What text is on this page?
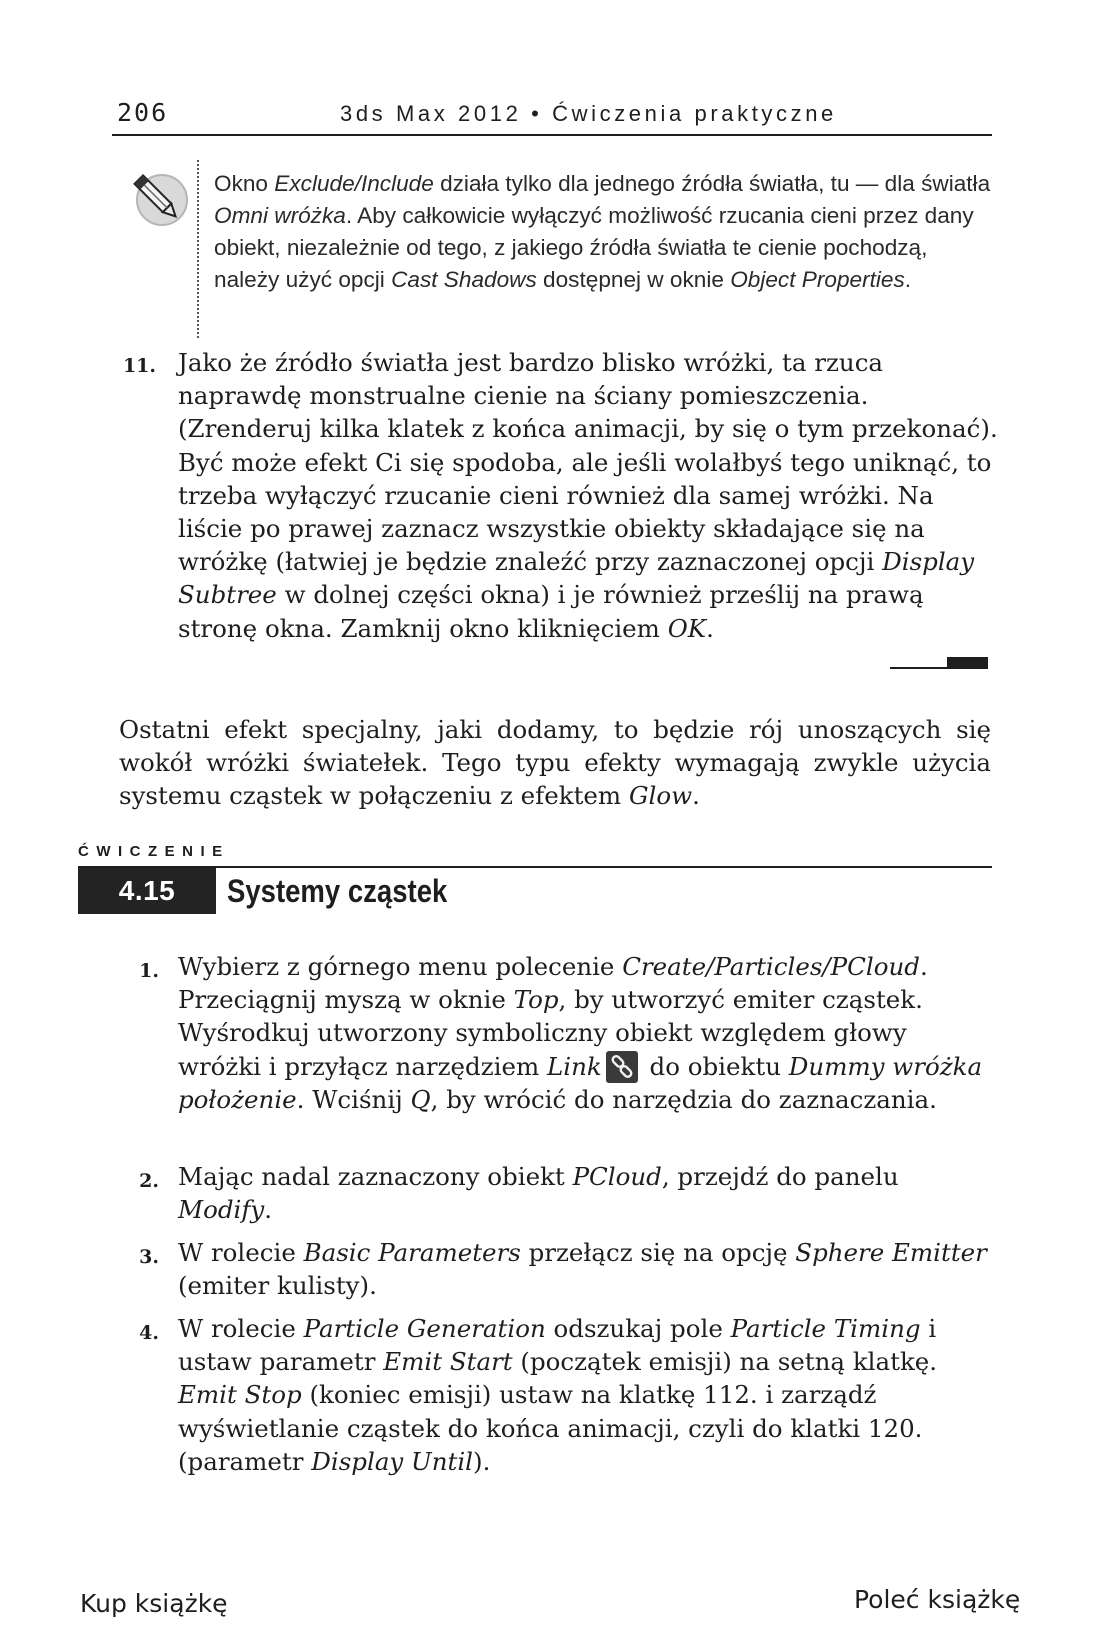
206	3ds Max 2012 • Ćwiczenia praktyczne
Okno Exclude/Include działa tylko dla jednego źródła światła, tu — dla światła Omni wróżka. Aby całkowicie wyłączyć możliwość rzucania cieni przez dany obiekt, niezależnie od tego, z jakiego źródła światła te cienie pochodzą, należy użyć opcji Cast Shadows dostępnej w oknie Object Properties.
11. Jako że źródło światła jest bardzo blisko wróżki, ta rzuca naprawdę monstrualne cienie na ściany pomieszczenia. (Zrenderuj kilka klatek z końca animacji, by się o tym przekonać). Być może efekt Ci się spodoba, ale jeśli wolałbyś tego uniknąć, to trzeba wyłączyć rzucanie cieni również dla samej wróżki. Na liście po prawej zaznacz wszystkie obiekty składające się na wróżkę (łatwiej je będzie znaleźć przy zaznaczonej opcji Display Subtree w dolnej części okna) i je również prześlij na prawą stronę okna. Zamknij okno kliknięciem OK.
Ostatni efekt specjalny, jaki dodamy, to będzie rój unoszących się wokół wróżki światełek. Tego typu efekty wymagają zwykle użycia systemu cząstek w połączeniu z efektem Glow.
ĆWICZENIE
4.15	Systemy cząstek
1. Wybierz z górnego menu polecenie Create/Particles/PCloud. Przeciągnij myszą w oknie Top, by utworzyć emiter cząstek. Wyśrodkuj utworzony symboliczny obiekt względem głowy wróżki i przyłącz narzędziem Link do obiektu Dummy wróżka położenie. Wciśnij Q, by wrócić do narzędzia do zaznaczania.
2. Mając nadal zaznaczony obiekt PCloud, przejdź do panelu Modify.
3. W rolecie Basic Parameters przełącz się na opcję Sphere Emitter (emiter kulisty).
4. W rolecie Particle Generation odszukaj pole Particle Timing i ustaw parametr Emit Start (początek emisji) na setną klatkę. Emit Stop (koniec emisji) ustaw na klatkę 112. i zarządź wyświetlanie cząstek do końca animacji, czyli do klatki 120. (parametr Display Until).
Kup książkę	Poleć książkę
